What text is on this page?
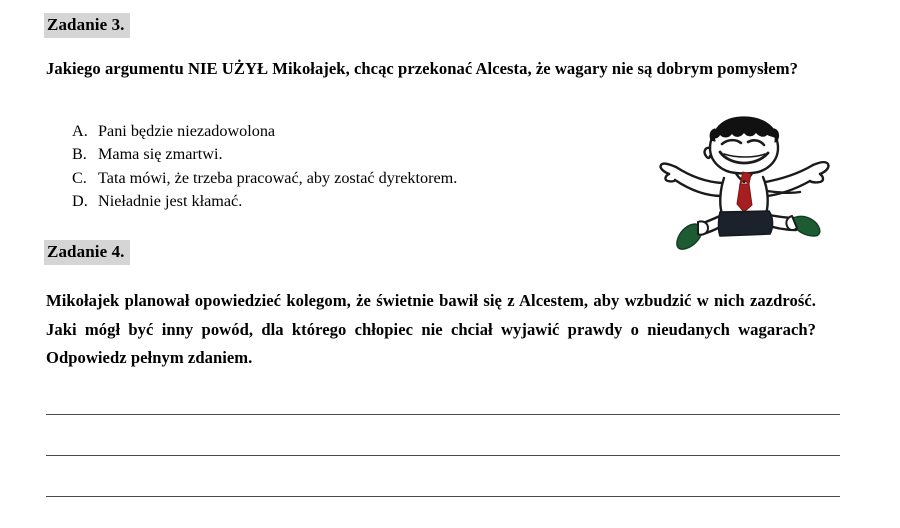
Zadanie 3.
Jakiego argumentu NIE UŻYŁ Mikołajek, chcąc przekonać Alcesta, że wagary nie są dobrym pomysłem?
A. Pani będzie niezadowolona
B. Mama się zmartwi.
C. Tata mówi, że trzeba pracować, aby zostać dyrektorem.
D. Nieładnie jest kłamać.
Zadanie 4.
Mikołajek planował opowiedzieć kolegom, że świetnie bawił się z Alcestem, aby wzbudzić w nich zazdrość. Jaki mógł być inny powód, dla którego chłopiec nie chciał wyjawić prawdy o nieudanych wagarach? Odpowiedz pełnym zdaniem.
